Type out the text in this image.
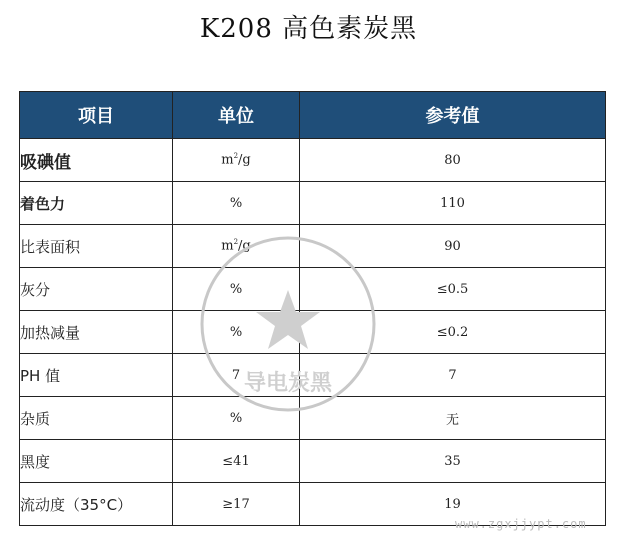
K208 高色素炭黑
项目	单位	参考值
吸碘值	$m^2/g$	80
着色力	%	110
比表面积	$m^2/g$	90
灰分	%	≤0.5
加热减量	%	≤0.2
PH 值	7	7
杂质	%	无
黑度	≤41	35
流动度（35°C）	≥17	19
导电炭黑
www.zgxjjypt.com
